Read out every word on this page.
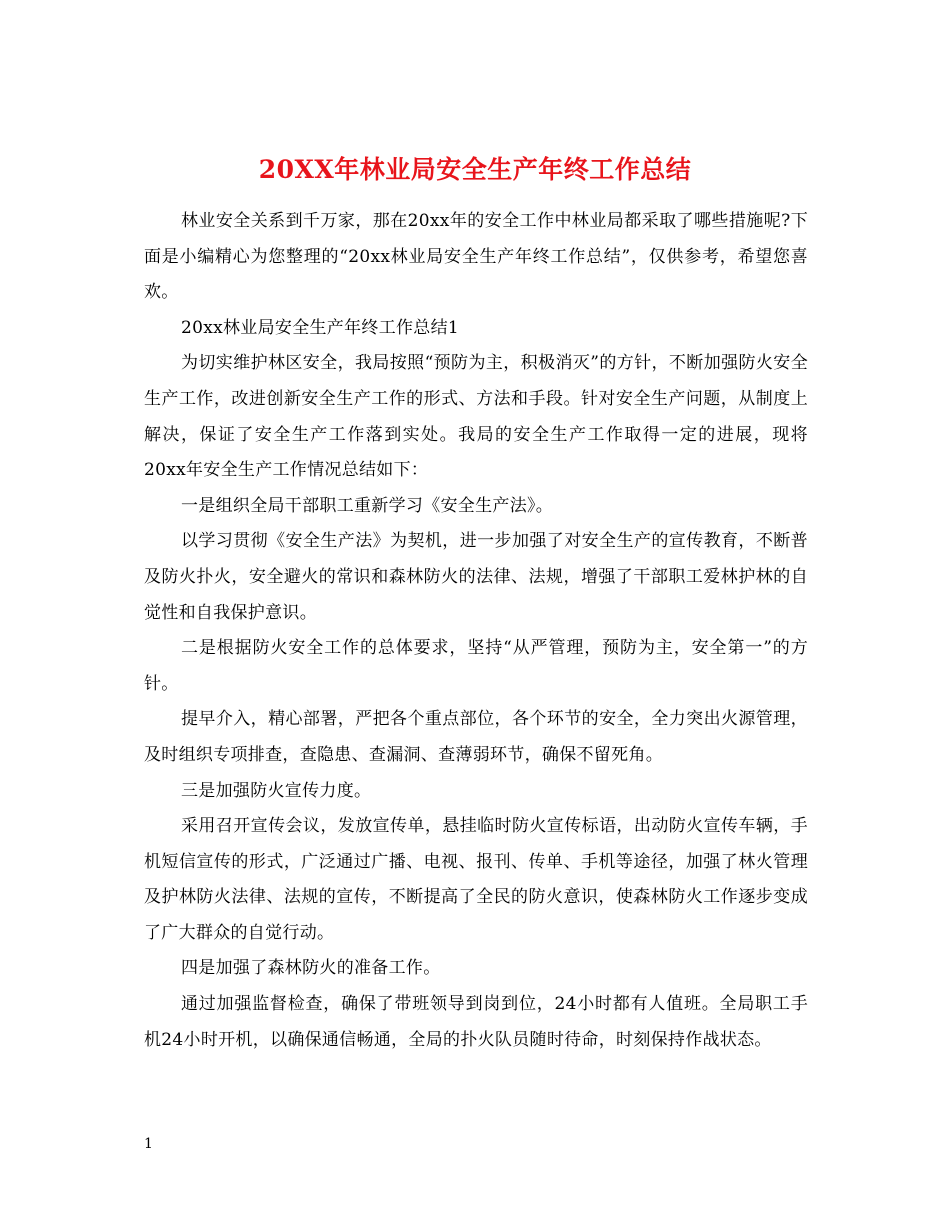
20XX年林业局安全生产年终工作总结

林业安全关系到千万家，那在20xx年的安全工作中林业局都采取了哪些措施呢?下面是小编精心为您整理的“20xx林业局安全生产年终工作总结”，仅供参考，希望您喜欢。

20xx林业局安全生产年终工作总结1

为切实维护林区安全，我局按照“预防为主，积极消灭”的方针，不断加强防火安全生产工作，改进创新安全生产工作的形式、方法和手段。针对安全生产问题，从制度上解决，保证了安全生产工作落到实处。我局的安全生产工作取得一定的进展，现将20xx年安全生产工作情况总结如下：

一是组织全局干部职工重新学习《安全生产法》。

以学习贯彻《安全生产法》为契机，进一步加强了对安全生产的宣传教育，不断普及防火扑火，安全避火的常识和森林防火的法律、法规，增强了干部职工爱林护林的自觉性和自我保护意识。

二是根据防火安全工作的总体要求，坚持“从严管理，预防为主，安全第一”的方针。

提早介入，精心部署，严把各个重点部位，各个环节的安全，全力突出火源管理，及时组织专项排查，查隐患、查漏洞、查薄弱环节，确保不留死角。

三是加强防火宣传力度。

采用召开宣传会议，发放宣传单，悬挂临时防火宣传标语，出动防火宣传车辆，手机短信宣传的形式，广泛通过广播、电视、报刊、传单、手机等途径，加强了林火管理及护林防火法律、法规的宣传，不断提高了全民的防火意识，使森林防火工作逐步变成了广大群众的自觉行动。

四是加强了森林防火的准备工作。

通过加强监督检查，确保了带班领导到岗到位，24小时都有人值班。全局职工手机24小时开机，以确保通信畅通，全局的扑火队员随时待命，时刻保持作战状态。

1
